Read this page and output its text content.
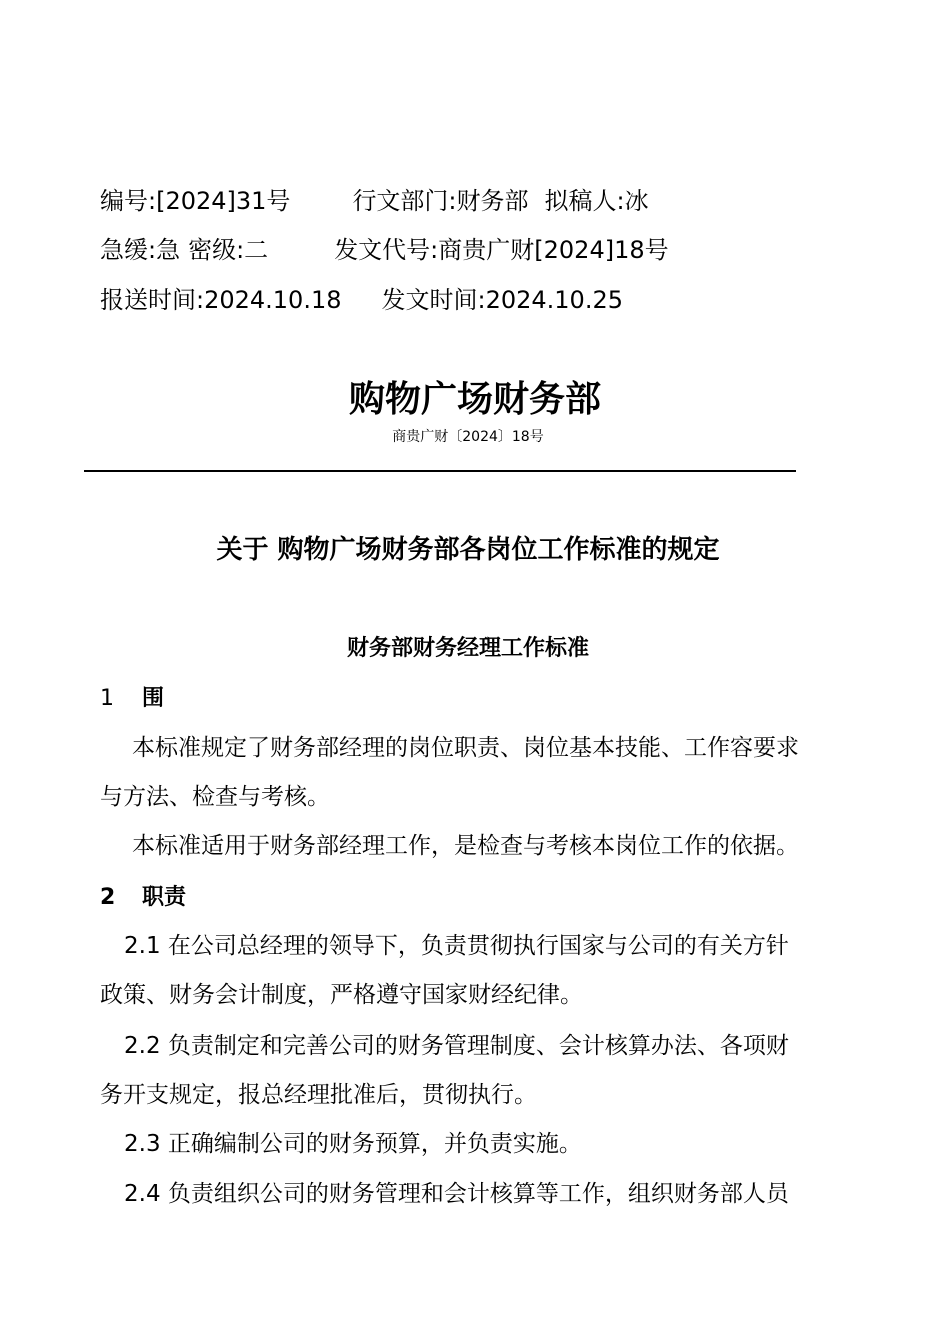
编号:[2024]31号	行文部门:财务部 拟稿人:冰
急缓:急 密级:二	发文代号:商贵广财[2024]18号
报送时间:2024.10.18 发文时间:2024.10.25
购物广场财务部
商贵广财〔2024〕18号
关于 购物广场财务部各岗位工作标准的规定
财务部财务经理工作标准
1 围
本标准规定了财务部经理的岗位职责、岗位基本技能、工作容要求
与方法、检查与考核。
本标准适用于财务部经理工作，是检查与考核本岗位工作的依据。
2 职责
2.1 在公司总经理的领导下，负责贯彻执行国家与公司的有关方针
政策、财务会计制度，严格遵守国家财经纪律。
2.2 负责制定和完善公司的财务管理制度、会计核算办法、各项财
务开支规定，报总经理批准后，贯彻执行。
2.3 正确编制公司的财务预算，并负责实施。
2.4 负责组织公司的财务管理和会计核算等工作，组织财务部人员
